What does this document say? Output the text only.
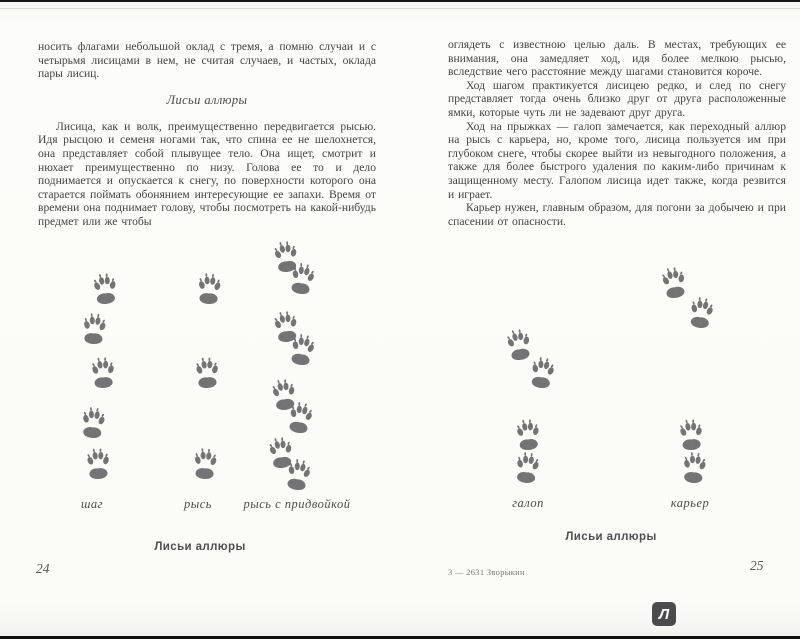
носить флагами небольшой оклад с тремя, а помню случаи и с четырьмя лисицами в нем, не считая случаев, и частых, оклада пары лисиц.

Лисьи аллюры

Лисица, как и волк, преимущественно передвигается рысью. Идя рысцою и семеня ногами так, что спина ее не шелохнется, она представляет собой плывущее тело. Она ищет, смотрит и нюхает преимущественно по низу. Голова ее то и дело поднимается и опускается к снегу, по поверхности которого она старается поймать обонянием интересующие ее запахи. Время от времени она поднимает голову, чтобы посмотреть на какой-нибудь предмет или же чтобы

шаг	рысь	рысь с придвойкой
Лисьи аллюры
24

оглядеть с известною целью даль. В местах, требующих ее внимания, она замедляет ход, идя более мелкою рысью, вследствие чего расстояние между шагами становится короче.

Ход шагом практикуется лисицею редко, и след по снегу представляет тогда очень близко друг от друга расположенные ямки, которые чуть ли не задевают друг друга.

Ход на прыжках — галоп замечается, как переходный аллюр на рысь с карьера, но, кроме того, лисица пользуется им при глубоком снеге, чтобы скорее выйти из невыгодного положения, а также для более быстрого удаления по каким-либо причинам к защищенному месту. Галопом лисица идет также, когда резвится и играет.

Карьер нужен, главным образом, для погони за добычею и при спасении от опасности.

галоп	карьер
Лисьи аллюры
3 — 2631 Зворыкин	25
Л
